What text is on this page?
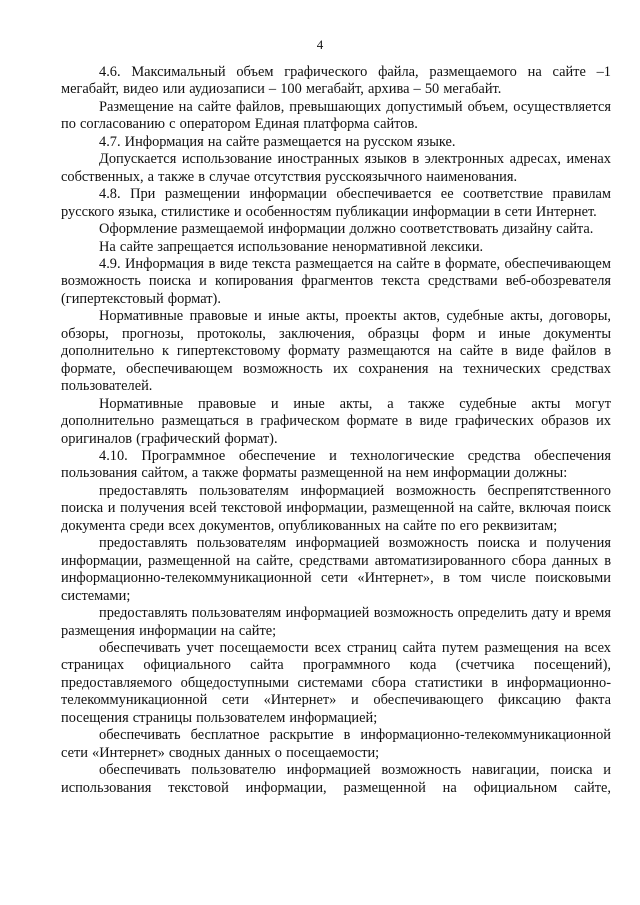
4

4.6. Максимальный объем графического файла, размещаемого на сайте –1 мегабайт, видео или аудиозаписи – 100 мегабайт, архива – 50 мегабайт.

Размещение на сайте файлов, превышающих допустимый объем, осуществляется по согласованию с оператором Единая платформа сайтов.

4.7. Информация на сайте размещается на русском языке.

Допускается использование иностранных языков в электронных адресах, именах собственных, а также в случае отсутствия русскоязычного наименования.

4.8. При размещении информации обеспечивается ее соответствие правилам русского языка, стилистике и особенностям публикации информации в сети Интернет.

Оформление размещаемой информации должно соответствовать дизайну сайта.

На сайте запрещается использование ненормативной лексики.

4.9. Информация в виде текста размещается на сайте в формате, обеспечивающем возможность поиска и копирования фрагментов текста средствами веб-обозревателя (гипертекстовый формат).

Нормативные правовые и иные акты, проекты актов, судебные акты, договоры, обзоры, прогнозы, протоколы, заключения, образцы форм и иные документы дополнительно к гипертекстовому формату размещаются на сайте в виде файлов в формате, обеспечивающем возможность их сохранения на технических средствах пользователей.

Нормативные правовые и иные акты, а также судебные акты могут дополнительно размещаться в графическом формате в виде графических образов их оригиналов (графический формат).

4.10. Программное обеспечение и технологические средства обеспечения пользования сайтом, а также форматы размещенной на нем информации должны:

предоставлять пользователям информацией возможность беспрепятственного поиска и получения всей текстовой информации, размещенной на сайте, включая поиск документа среди всех документов, опубликованных на сайте по его реквизитам;

предоставлять пользователям информацией возможность поиска и получения информации, размещенной на сайте, средствами автоматизированного сбора данных в информационно-телекоммуникационной сети «Интернет», в том числе поисковыми системами;

предоставлять пользователям информацией возможность определить дату и время размещения информации на сайте;

обеспечивать учет посещаемости всех страниц сайта путем размещения на всех страницах официального сайта программного кода (счетчика посещений), предоставляемого общедоступными системами сбора статистики в информационно-телекоммуникационной сети «Интернет» и обеспечивающего фиксацию факта посещения страницы пользователем информацией;

обеспечивать бесплатное раскрытие в информационно-телекоммуникационной сети «Интернет» сводных данных о посещаемости;

обеспечивать пользователю информацией возможность навигации, поиска и использования текстовой информации, размещенной на официальном сайте,
